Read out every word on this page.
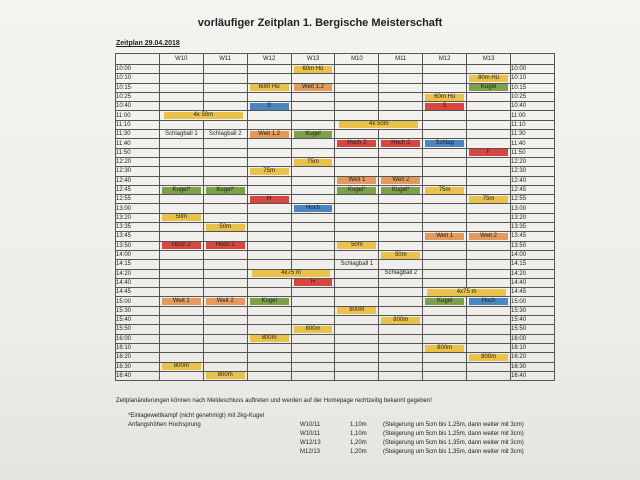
vorläufiger Zeitplan 1. Bergische Meisterschaft
Zeitplan 29.04.2018
	W10	W11	W12	W13	M10	M11	M12	M13	
10:00				60m Hü					10:00
10:10								80m Hü	10:10
10:15			60m Hü	Weit 1,2				Kugel	10:15
10:25							60m Hü		10:25
10:40			S				S		10:40
11:00	4x 50m								11:00
11:10					4x 50m				11:10
11:30	Schlagball 1	Schlagball 2	Weit 1,2	Kugel					11:30
11:40					Hoch 2	Hoch 2	Schlag		11:40
11:50								F	11:50
12:20				75m					12:20
12:30			75m						12:30
12:40					Weit 1	Weit 2			12:40
12:45	Kugel*	Kugel*			Kugel*	Kugel*	75m		12:45
12:55			H					75m	12:55
13:00				Hoch					13:00
13:20	50m								13:20
13:35		50m							13:35
13:45							Weit 1	Weit 2	13:45
13:50	Hoch 2	Hoch 2			50m				13:50
14:00						50m			14:00
14:15					Schlagball 1				14:15
14:20			4x75 m			Schlagball 2			14:20
14:40				H					14:40
14:45							4x75 m		14:45
15:00	Weit 1	Weit 2	Kugel				Kugel	Hoch	15:00
15:30					800m				15:30
15:40						800m			15:40
15:50				800m					15:50
16:00			800m						16:00
16:10							800m		16:10
16:20								800m	16:20
16:30	800m								16:30
16:40		800m							16:40
Zeitplanänderungen können nach Meldeschluss auftreten und werden auf der Homepage rechtzeitig bekannt gegeben!
*Einlagewettkampf (nicht genehmigt) mit 2kg-Kugel
Anfangshöhen Hochsprung	W10/11	1,10m	(Steigerung um 5cm bis 1,25m, dann weiter mit 3cm)
W10/11	1,10m	(Steigerung um 5cm bis 1,25m, dann weiter mit 3cm)
W12/13	1,20m	(Steigerung um 5cm bis 1,35m, dann weiter mit 3cm)
M12/13	1,20m	(Steigerung um 5cm bis 1,35m, dann weiter mit 3cm)
